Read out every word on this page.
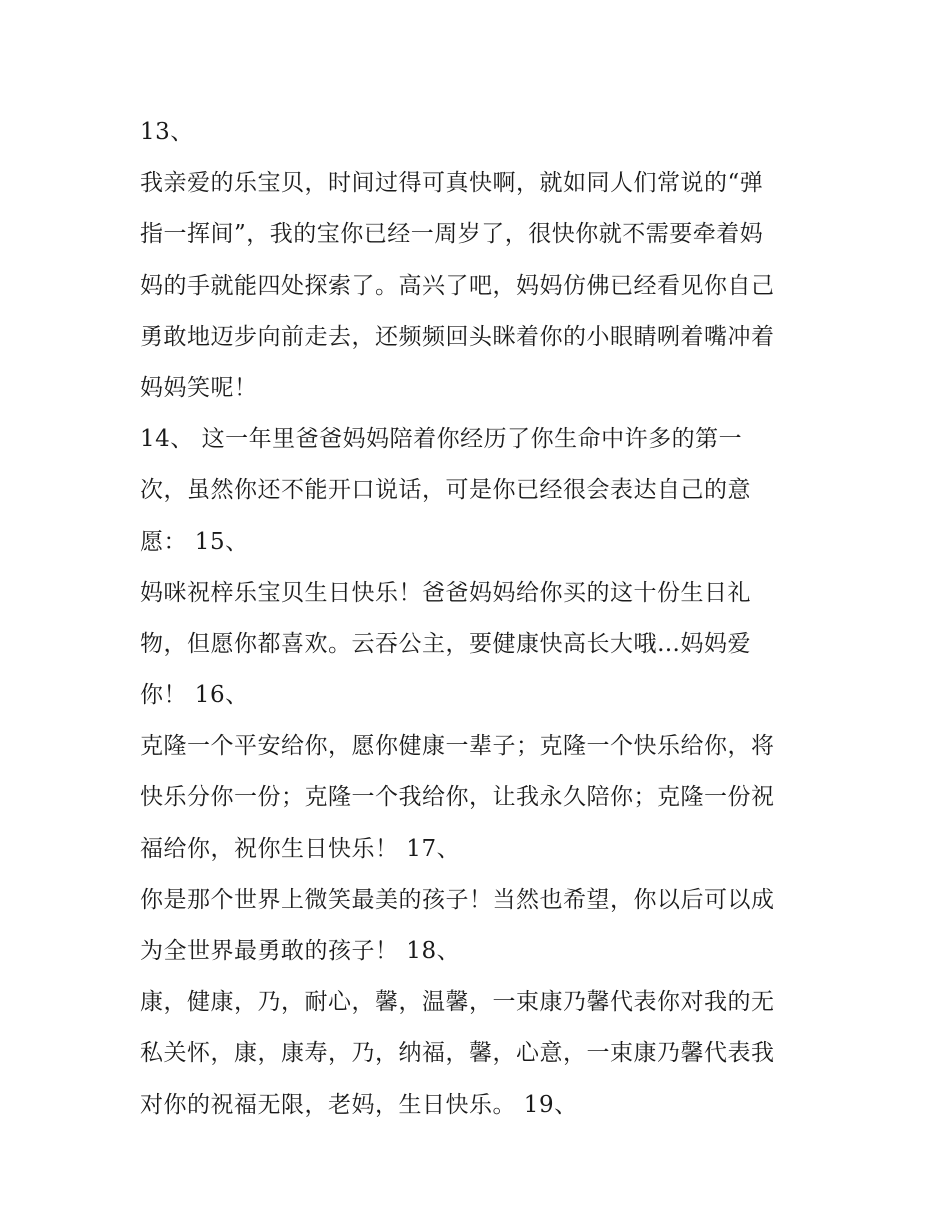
13、
我亲爱的乐宝贝，时间过得可真快啊，就如同人们常说的“弹
指一挥间”，我的宝你已经一周岁了，很快你就不需要牵着妈
妈的手就能四处探索了。高兴了吧，妈妈仿佛已经看见你自己
勇敢地迈步向前走去，还频频回头眯着你的小眼睛咧着嘴冲着
妈妈笑呢！
14、 这一年里爸爸妈妈陪着你经历了你生命中许多的第一
次，虽然你还不能开口说话，可是你已经很会表达自己的意
愿： 15、
妈咪祝梓乐宝贝生日快乐！爸爸妈妈给你买的这十份生日礼
物，但愿你都喜欢。云吞公主，要健康快高长大哦…妈妈爱
你！ 16、
克隆一个平安给你，愿你健康一辈子；克隆一个快乐给你，将
快乐分你一份；克隆一个我给你，让我永久陪你；克隆一份祝
福给你，祝你生日快乐！ 17、
你是那个世界上微笑最美的孩子！当然也希望，你以后可以成
为全世界最勇敢的孩子！ 18、
康，健康，乃，耐心，馨，温馨，一束康乃馨代表你对我的无
私关怀，康，康寿，乃，纳福，馨，心意，一束康乃馨代表我
对你的祝福无限，老妈，生日快乐。 19、
